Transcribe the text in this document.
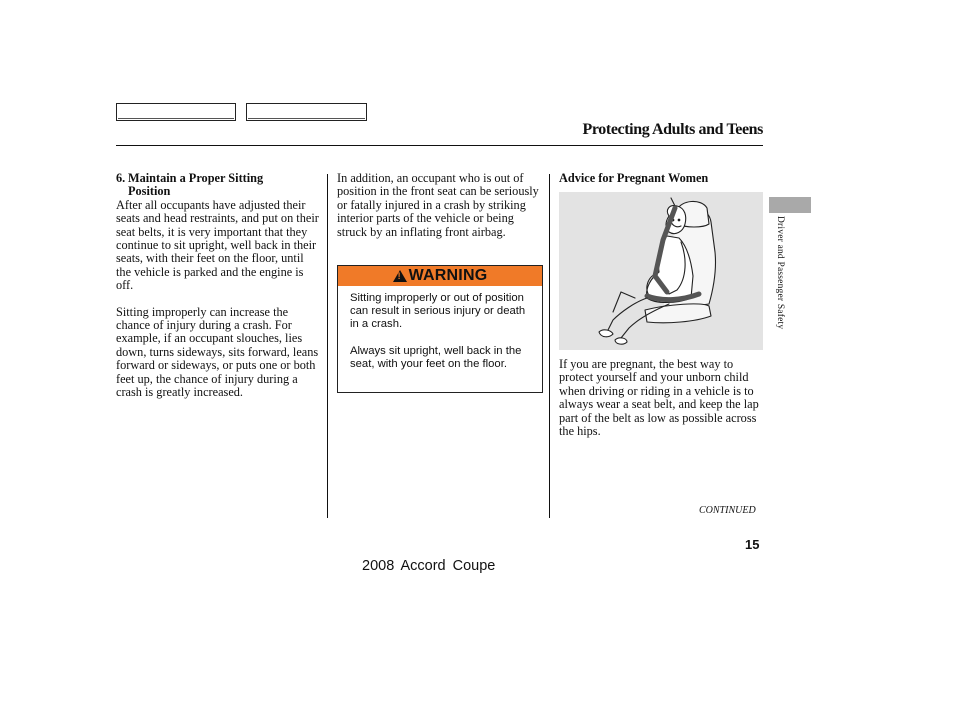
Protecting Adults and Teens
Driver and Passenger Safety
6. Maintain a Proper Sitting
Position

After all occupants have adjusted their seats and head restraints, and put on their seat belts, it is very important that they continue to sit upright, well back in their seats, with their feet on the floor, until the vehicle is parked and the engine is off.

Sitting improperly can increase the chance of injury during a crash. For example, if an occupant slouches, lies down, turns sideways, sits forward, leans forward or sideways, or puts one or both feet up, the chance of injury during a crash is greatly increased.

In addition, an occupant who is out of position in the front seat can be seriously or fatally injured in a crash by striking interior parts of the vehicle or being struck by an inflating front airbag.

!
WARNING

Sitting improperly or out of position can result in serious injury or death in a crash.

Always sit upright, well back in the seat, with your feet on the floor.

Advice for Pregnant Women

If you are pregnant, the best way to protect yourself and your unborn child when driving or riding in a vehicle is to always wear a seat belt, and keep the lap part of the belt as low as possible across the hips.

CONTINUED
15
2008 Accord Coupe
